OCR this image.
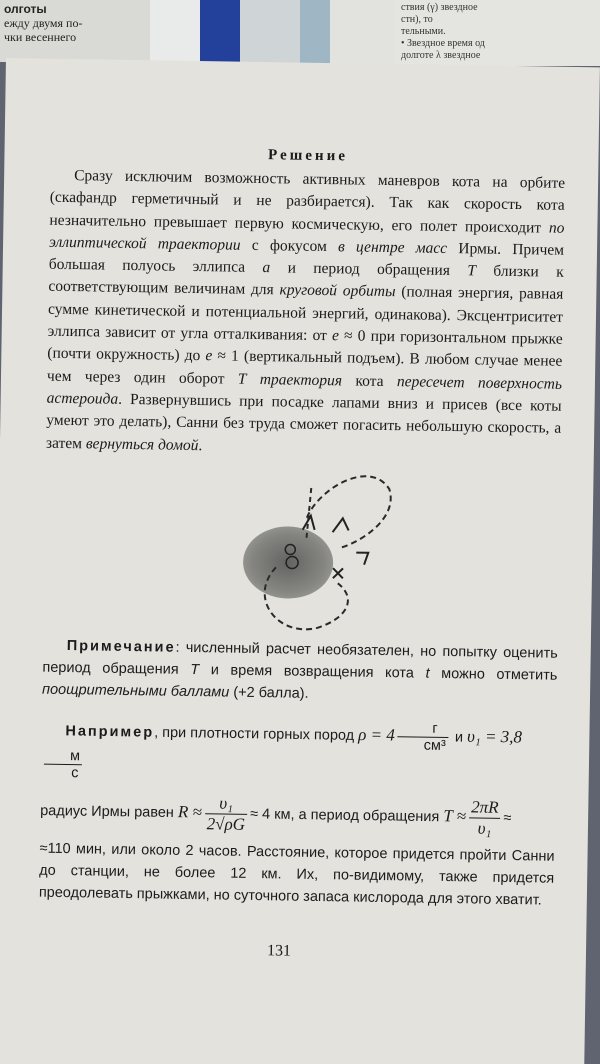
олготы
ежду двумя по-
чки весеннего
ствия (γ) звездное
стн), то
тельными.
• Звездное время од
долготе λ звездное
Решение

Сразу исключим возможность активных маневров кота на орбите (скафандр герметичный и не разбирается). Так как скорость кота незначительно превышает первую космическую, его полет происходит по эллиптической траектории с фокусом в центре масс Ирмы. Причем большая полуось эллипса a и период обращения T близки к соответствующим величинам для круговой орбиты (полная энергия, равная сумме кинетической и потенциальной энергий, одинакова). Эксцентриситет эллипса зависит от угла отталкивания: от e ≈ 0 при горизонтальном прыжке (почти окружность) до e ≈ 1 (вертикальный подъем). В любом случае менее чем через один оборот T траектория кота пересечет поверхность астероида. Развернувшись при посадке лапами вниз и присев (все коты умеют это делать), Санни без труда сможет погасить небольшую скорость, а затем вернуться домой.

Примечание: численный расчет необязателен, но попытку оценить период обращения T и время возвращения кота t можно отметить поощрительными баллами (+2 балла).

Например, при плотности горных пород $\rho = 4 \frac{г}{\text{см³}}$ и υ₁ = 3,8
$\frac{м}{с}$
радиус Ирмы равен $R \approx \frac{\text{υ₁}}{2√\rho G} \approx 4$ км, а период обращения $T \approx \frac{2\pi R}{\text{υ₁}}$ ≈

≈110 мин, или около 2 часов. Расстояние, которое придется пройти Санни до станции, не более 12 км. Их, по-видимому, также придется преодолевать прыжками, но суточного запаса кислорода для этого хватит.

131
